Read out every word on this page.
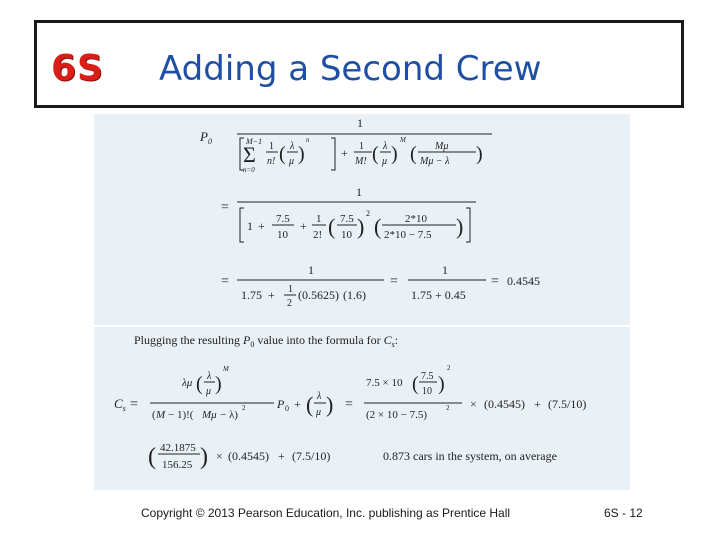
6S Adding a Second Crew
$P_0$
1
M−1
Σ
n=0
1
n! ( λ
μ )
n
+ 1
M! ( λ
μ )
M
( Mμ
Mμ − λ )
=
1
1 + 7.5
10
+ 1
2! ( 7.5
10 )
2
( 2*10
2*10 − 7.5 )
=
1
1.75 + 1
2
(0.5625) (1.6)
=
1
1.75 + 0.45
= 0.4545
Plugging the resulting $P_0$ value into the formula for $C_s$:
$C_s$ =
λμ ( λ
μ )
M
( M − 1)!( Mμ − λ)
2	P 0 + ( λ
μ ) =
7.5 × 10 ( 7.5
10 )
2
(2 × 10 − 7.5)
2 × (0.4545) + (7.5/10)
( 42.1875
156.25 ) × (0.4545) + (7.5/10)	0.873 cars in the system, on average
Copyright © 2013 Pearson Education, Inc. publishing as Prentice Hall	6S - 12
